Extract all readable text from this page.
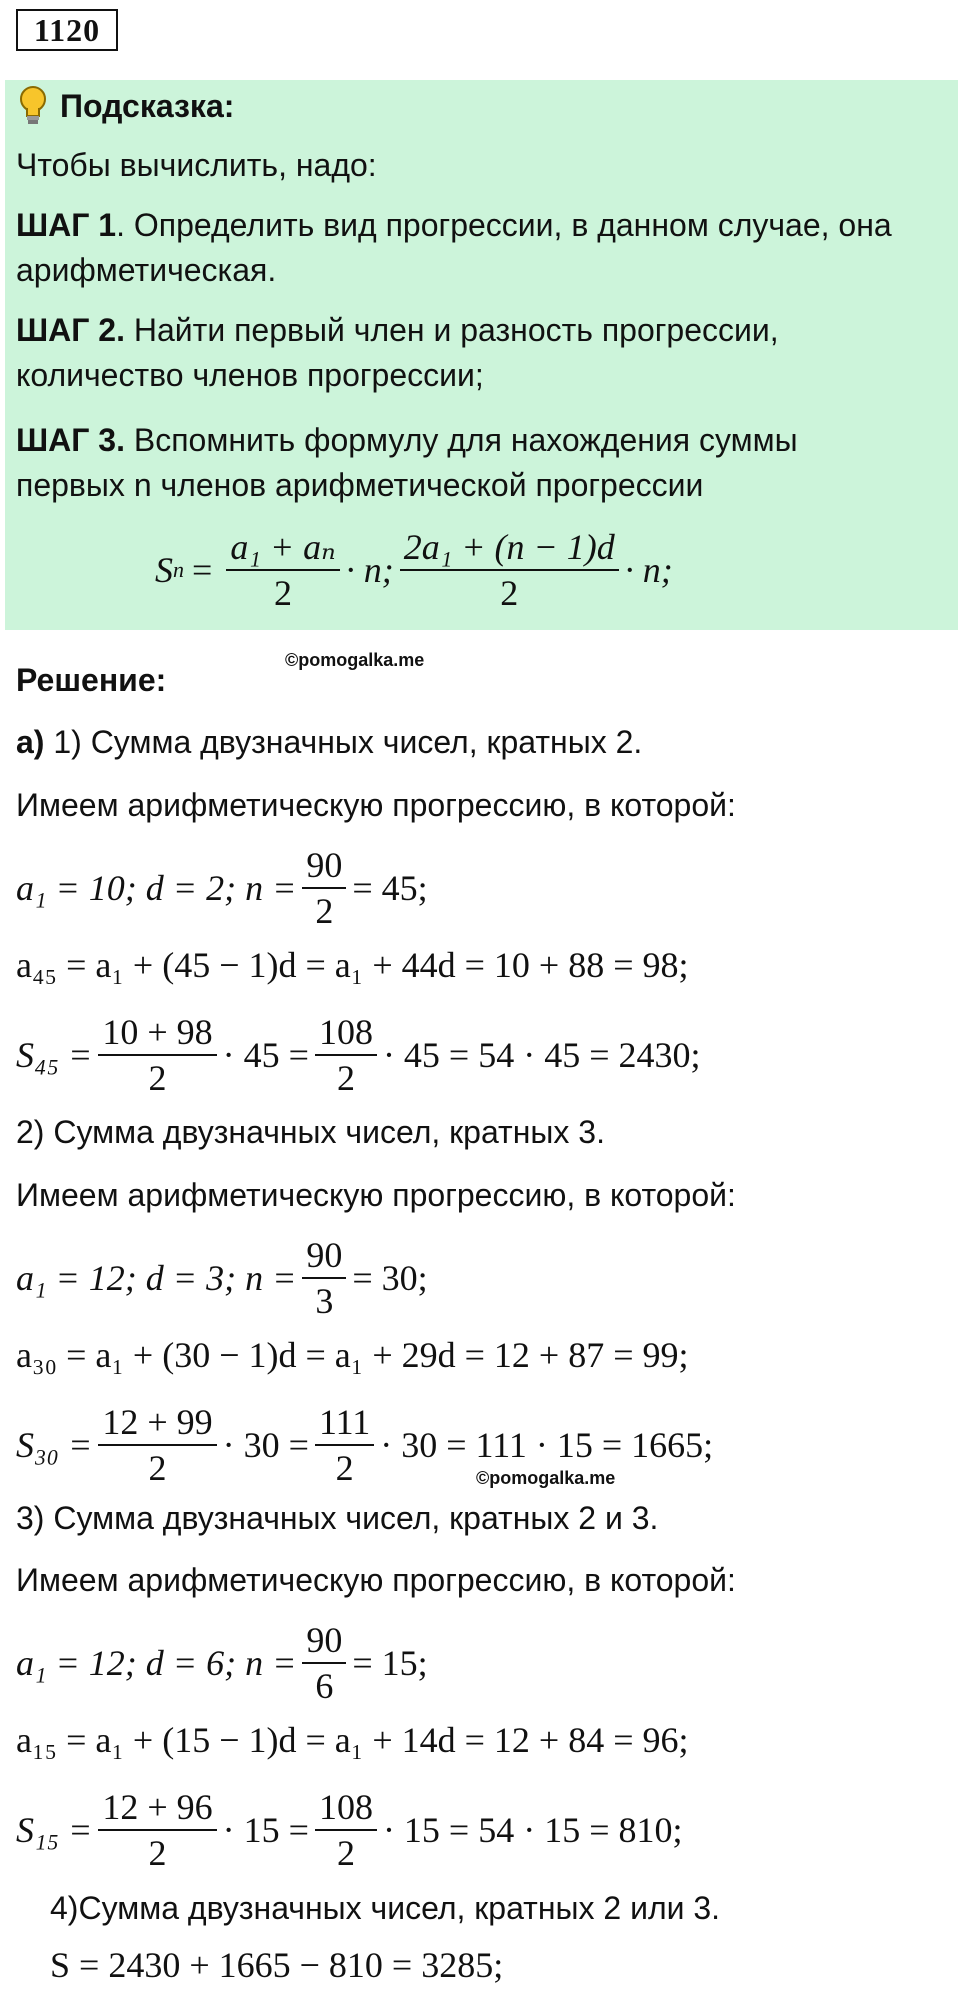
1120
Подсказка:
Чтобы вычислить, надо:
ШАГ 1. Определить вид прогрессии, в данном случае, она
арифметическая.
ШАГ 2. Найти первый член и разность прогрессии,
количество членов прогрессии;
ШАГ 3. Вспомнить формулу для нахождения суммы
первых n членов арифметической прогрессии
S $n = \frac{\text{a₁ + aₙ}}{2} \cdot n$; $\frac{\text{2a₁ + (n − 1)d}}{2} \cdot n$;
©pomogalka.me
Решение:
а) 1) Сумма двузначных чисел, кратных 2.
Имеем арифметическую прогрессию, в которой:
a₁ = 10; d = 2; $n = \frac{90}{2} = 45$;
a₄₅ = a₁ + (45 − 1)d = a₁ + 44d = 10 + 88 = 98;
$S_{45} = \frac{10 + 98}{2} \cdot 45 = \frac{108}{2} \cdot 45 = 54 \cdot 45 = 2430$;
2) Сумма двузначных чисел, кратных 3.
Имеем арифметическую прогрессию, в которой:
a₁ = 12; d = 3; $n = \frac{90}{3} = 30$;
a₃₀ = a₁ + (30 − 1)d = a₁ + 29d = 12 + 87 = 99;
$S_{30} = \frac{12 + 99}{2} \cdot 30 = \frac{111}{2} \cdot 30 = 111 \cdot 15 = 1665$;
©pomogalka.me
3) Сумма двузначных чисел, кратных 2 и 3.
Имеем арифметическую прогрессию, в которой:
a₁ = 12; d = 6; $n = \frac{90}{6} = 15$;
a₁₅ = a₁ + (15 − 1)d = a₁ + 14d = 12 + 84 = 96;
$S_{15} = \frac{12 + 96}{2} \cdot 15 = \frac{108}{2} \cdot 15 = 54 \cdot 15 = 810$;
4)Сумма двузначных чисел, кратных 2 или 3.
S = 2430 + 1665 − 810 = 3285;
